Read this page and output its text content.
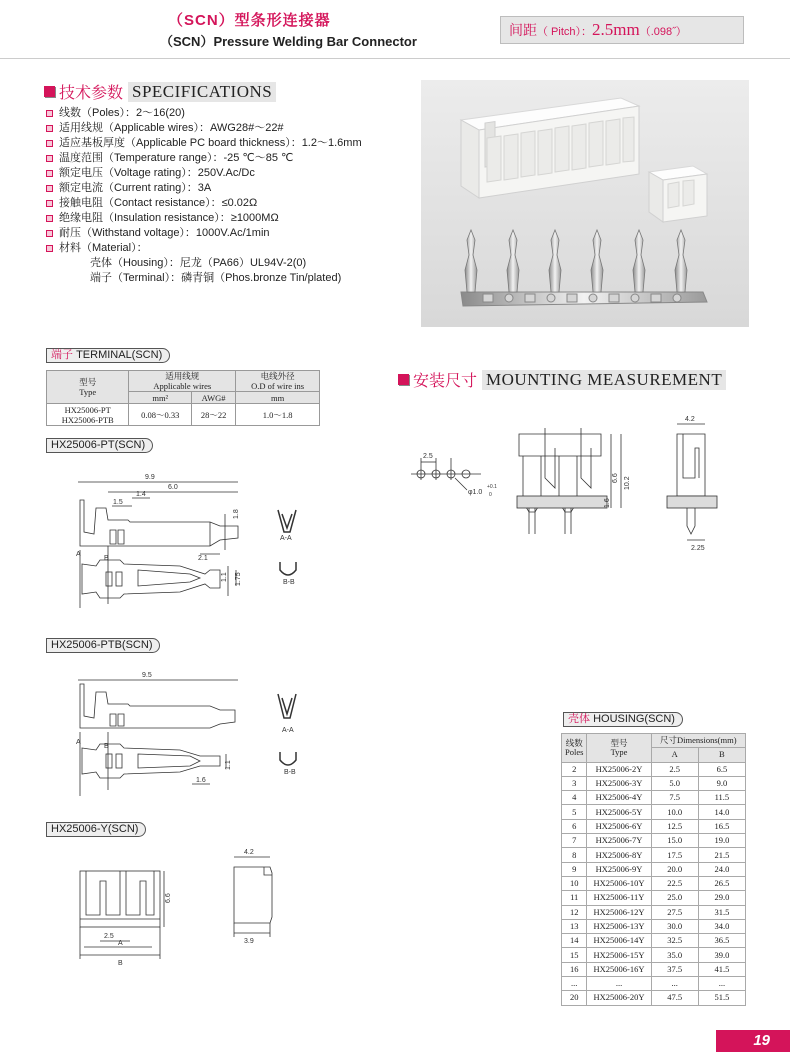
（SCN）型条形连接器
（SCN）Pressure Welding Bar Connector
间距（ Pitch）：2.5mm（.098˝）
技术参数 SPECIFICATIONS
线数（Poles）：2～16(20)
适用线规（Applicable wires）：AWG28#～22#
适应基板厚度（Applicable PC board thickness）：1.2～1.6mm
温度范围（Temperature range）：-25 ℃～85 ℃
额定电压（Voltage rating）：250V.Ac/Dc
额定电流（Current rating）：3A
接触电阻（Contact resistance）：≤0.02Ω
绝缘电阻（Insulation resistance）：≥1000MΩ
耐压（Withstand voltage）：1000V.Ac/1min
材料（Material）：
壳体（Housing）：尼龙（PA66）UL94V-2(0)
端子（Terminal）：磷青铜（Phos.bronze Tin/plated)
端子 TERMINAL(SCN)
型号
Type	适用线规
Applicable wires		电线外径
O.D of wire ins
	mm²	AWG#	mm
HX25006-PT
HX25006-PTB	0.08～0.33	28～22	1.0～1.8
HX25006-PT(SCN)
9.9
6.0
1.4
1.5
1.8
2.1
1.1 1.75
A
B
A-A
B-B
HX25006-PTB(SCN)
9.5
1.1
1.6
A
B
A-A
B-B
HX25006-Y(SCN)
4.2
6.6
2.5
A
B
3.9
安装尺寸 MOUNTING MEASUREMENT
2.5
φ1.0
+0.1
0
6.6 10.2
1.6
4.2
2.25
壳体 HOUSING(SCN)
线数
Poles	型号
Type	尺寸Dimensions(mm)	
		A	B
2	HX25006-2Y	2.5	6.5
3	HX25006-3Y	5.0	9.0
4	HX25006-4Y	7.5	11.5
5	HX25006-5Y	10.0	14.0
6	HX25006-6Y	12.5	16.5
7	HX25006-7Y	15.0	19.0
8	HX25006-8Y	17.5	21.5
9	HX25006-9Y	20.0	24.0
10	HX25006-10Y	22.5	26.5
11	HX25006-11Y	25.0	29.0
12	HX25006-12Y	27.5	31.5
13	HX25006-13Y	30.0	34.0
14	HX25006-14Y	32.5	36.5
15	HX25006-15Y	35.0	39.0
16	HX25006-16Y	37.5	41.5
...	...	...	...
20	HX25006-20Y	47.5	51.5
19
